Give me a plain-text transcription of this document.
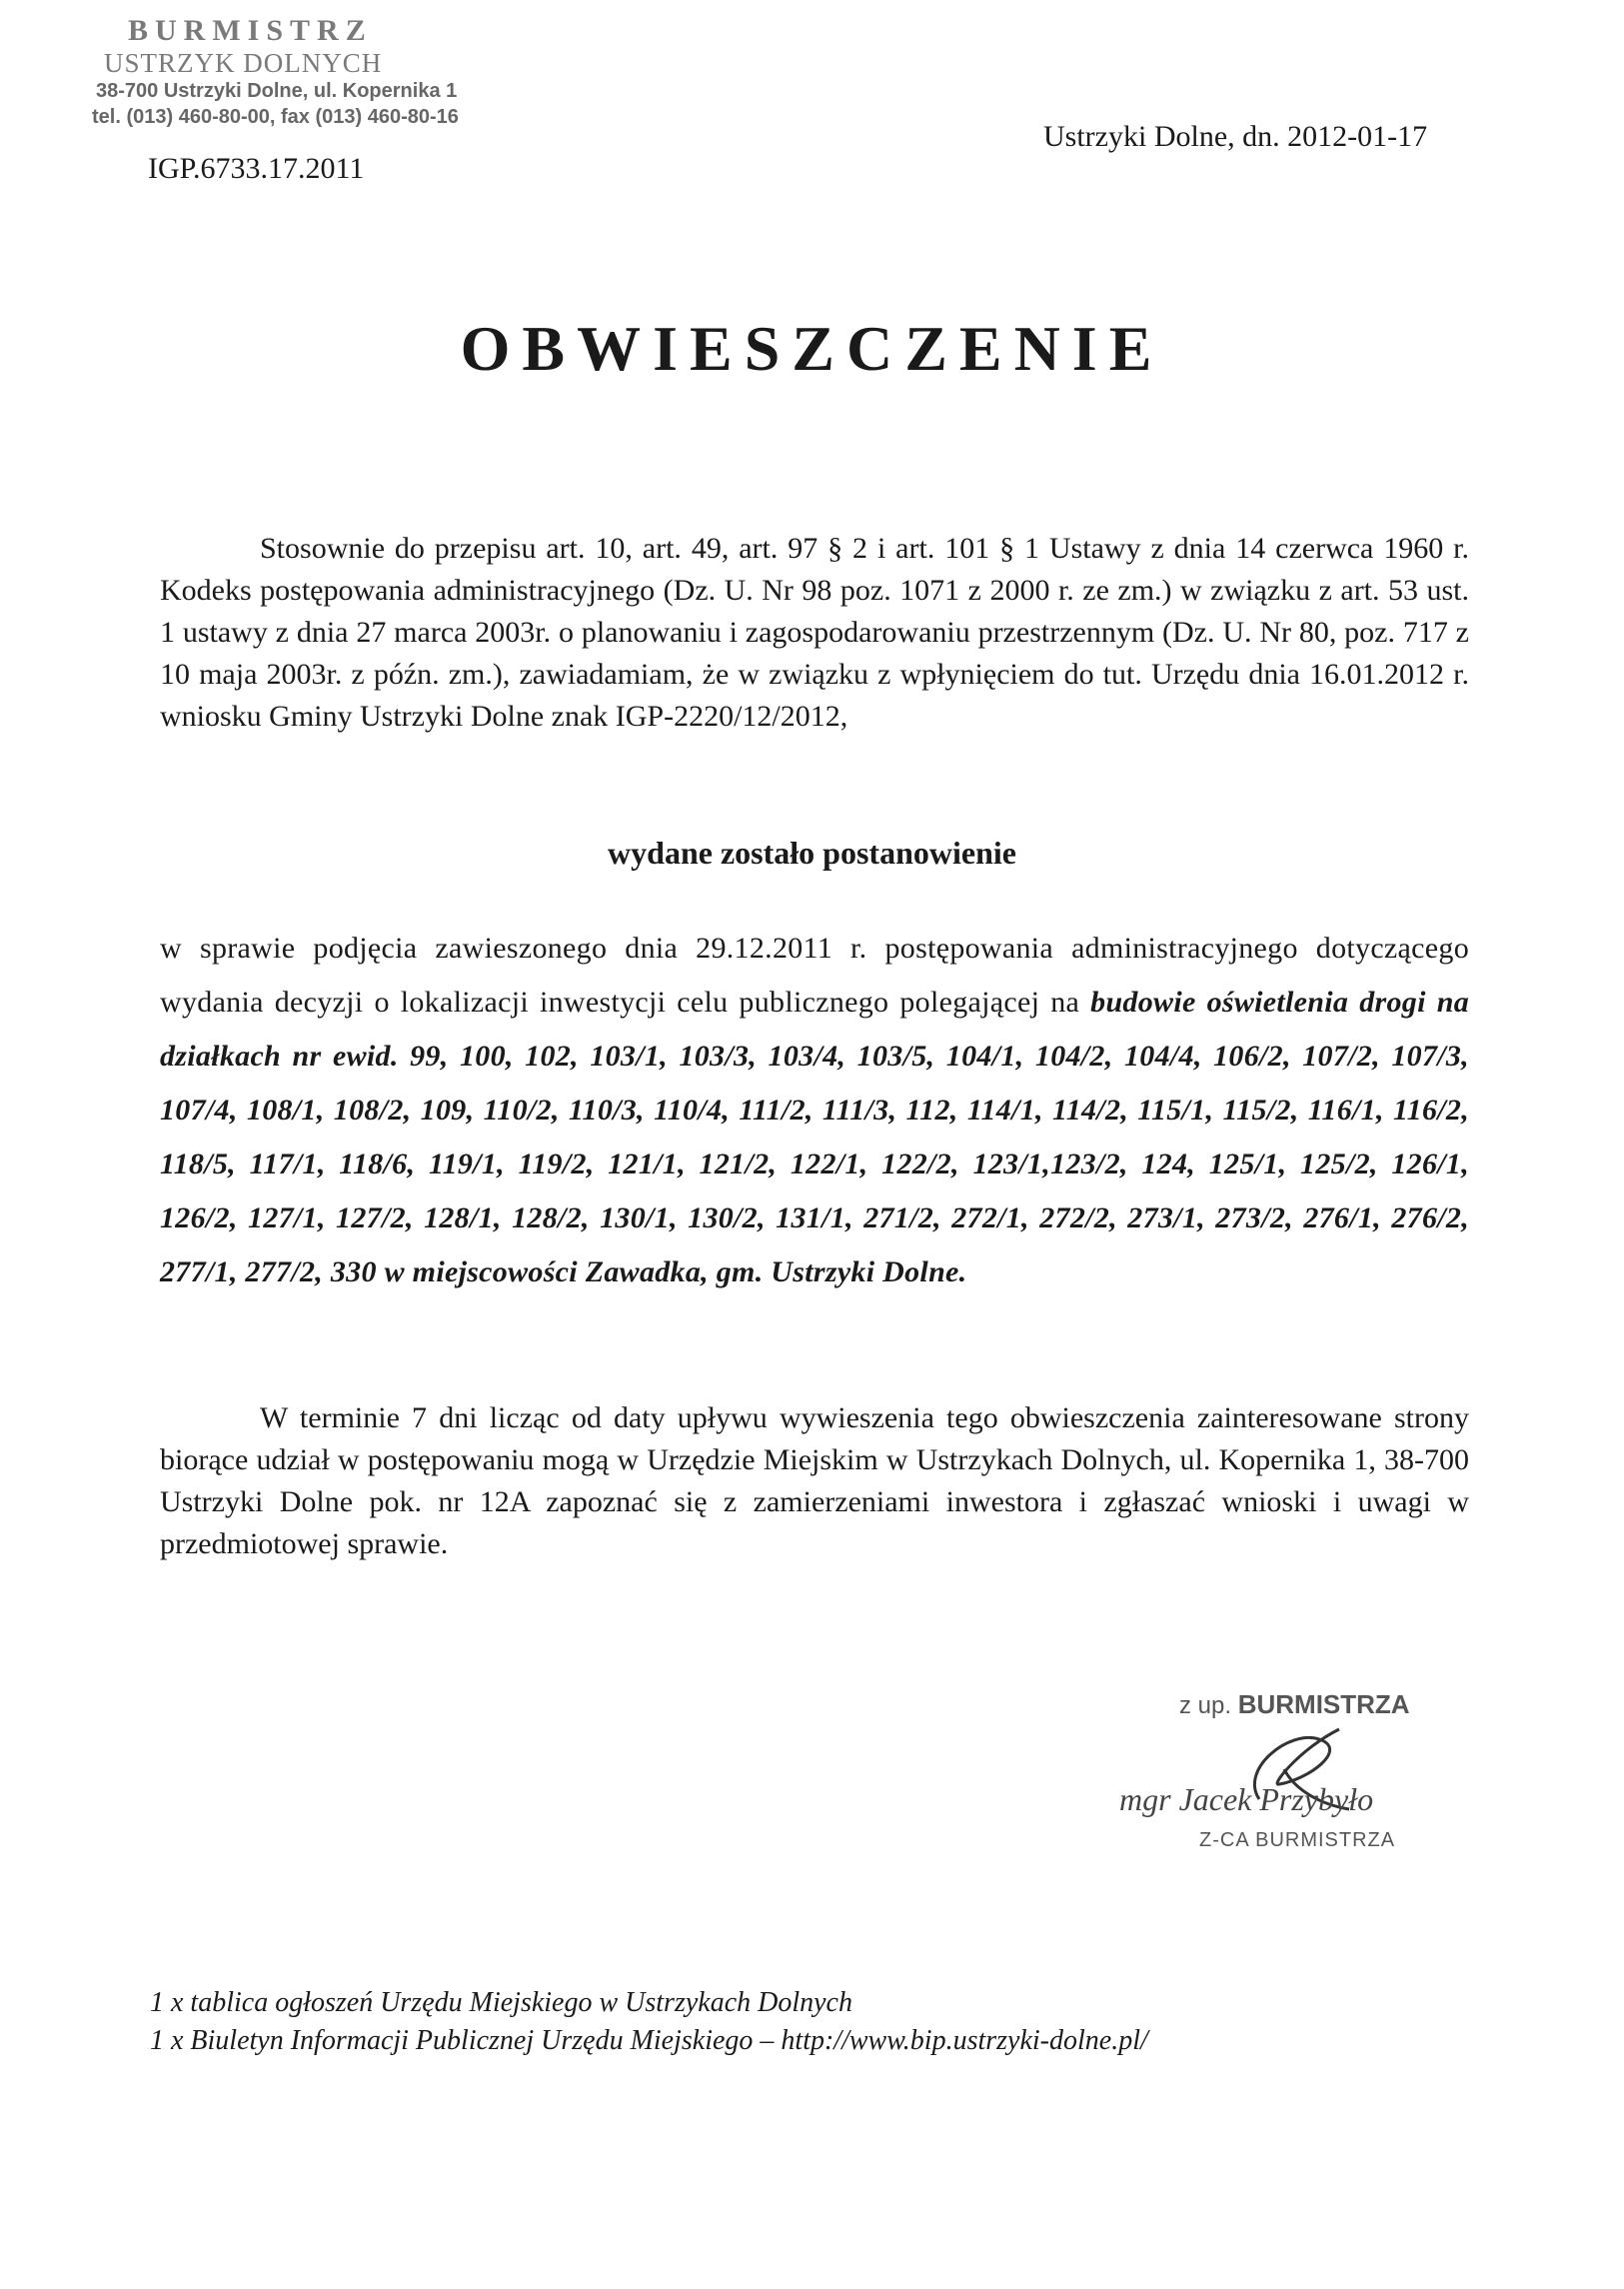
BURMISTRZ
USTRZYK DOLNYCH
38-700 Ustrzyki Dolne, ul. Kopernika 1
tel. (013) 460-80-00, fax (013) 460-80-16
IGP.6733.17.2011
Ustrzyki Dolne, dn. 2012-01-17
OBWIESZCZENIE
Stosownie do przepisu art. 10, art. 49, art. 97 § 2 i art. 101 § 1 Ustawy z dnia 14 czerwca 1960 r. Kodeks postępowania administracyjnego (Dz. U. Nr 98 poz. 1071 z 2000 r. ze zm.) w związku z art. 53 ust. 1 ustawy z dnia 27 marca 2003r. o planowaniu i zagospodarowaniu przestrzennym (Dz. U. Nr 80, poz. 717 z 10 maja 2003r. z późn. zm.), zawiadamiam, że w związku z wpłynięciem do tut. Urzędu dnia 16.01.2012 r. wniosku Gminy Ustrzyki Dolne znak IGP-2220/12/2012,
wydane zostało postanowienie
w sprawie podjęcia zawieszonego dnia 29.12.2011 r. postępowania administracyjnego dotyczącego wydania decyzji o lokalizacji inwestycji celu publicznego polegającej na budowie oświetlenia drogi na działkach nr ewid. 99, 100, 102, 103/1, 103/3, 103/4, 103/5, 104/1, 104/2, 104/4, 106/2, 107/2, 107/3, 107/4, 108/1, 108/2, 109, 110/2, 110/3, 110/4, 111/2, 111/3, 112, 114/1, 114/2, 115/1, 115/2, 116/1, 116/2, 118/5, 117/1, 118/6, 119/1, 119/2, 121/1, 121/2, 122/1, 122/2, 123/1,123/2, 124, 125/1, 125/2, 126/1, 126/2, 127/1, 127/2, 128/1, 128/2, 130/1, 130/2, 131/1, 271/2, 272/1, 272/2, 273/1, 273/2, 276/1, 276/2, 277/1, 277/2, 330 w miejscowości Zawadka, gm. Ustrzyki Dolne.
W terminie 7 dni licząc od daty upływu wywieszenia tego obwieszczenia zainteresowane strony biorące udział w postępowaniu mogą w Urzędzie Miejskim w Ustrzykach Dolnych, ul. Kopernika 1, 38-700 Ustrzyki Dolne pok. nr 12A zapoznać się z zamierzeniami inwestora i zgłaszać wnioski i uwagi w przedmiotowej sprawie.
z up. BURMISTRZA
mgr Jacek Przybyło
Z-CA BURMISTRZA
1 x tablica ogłoszeń Urzędu Miejskiego w Ustrzykach Dolnych
1 x Biuletyn Informacji Publicznej Urzędu Miejskiego – http://www.bip.ustrzyki-dolne.pl/
